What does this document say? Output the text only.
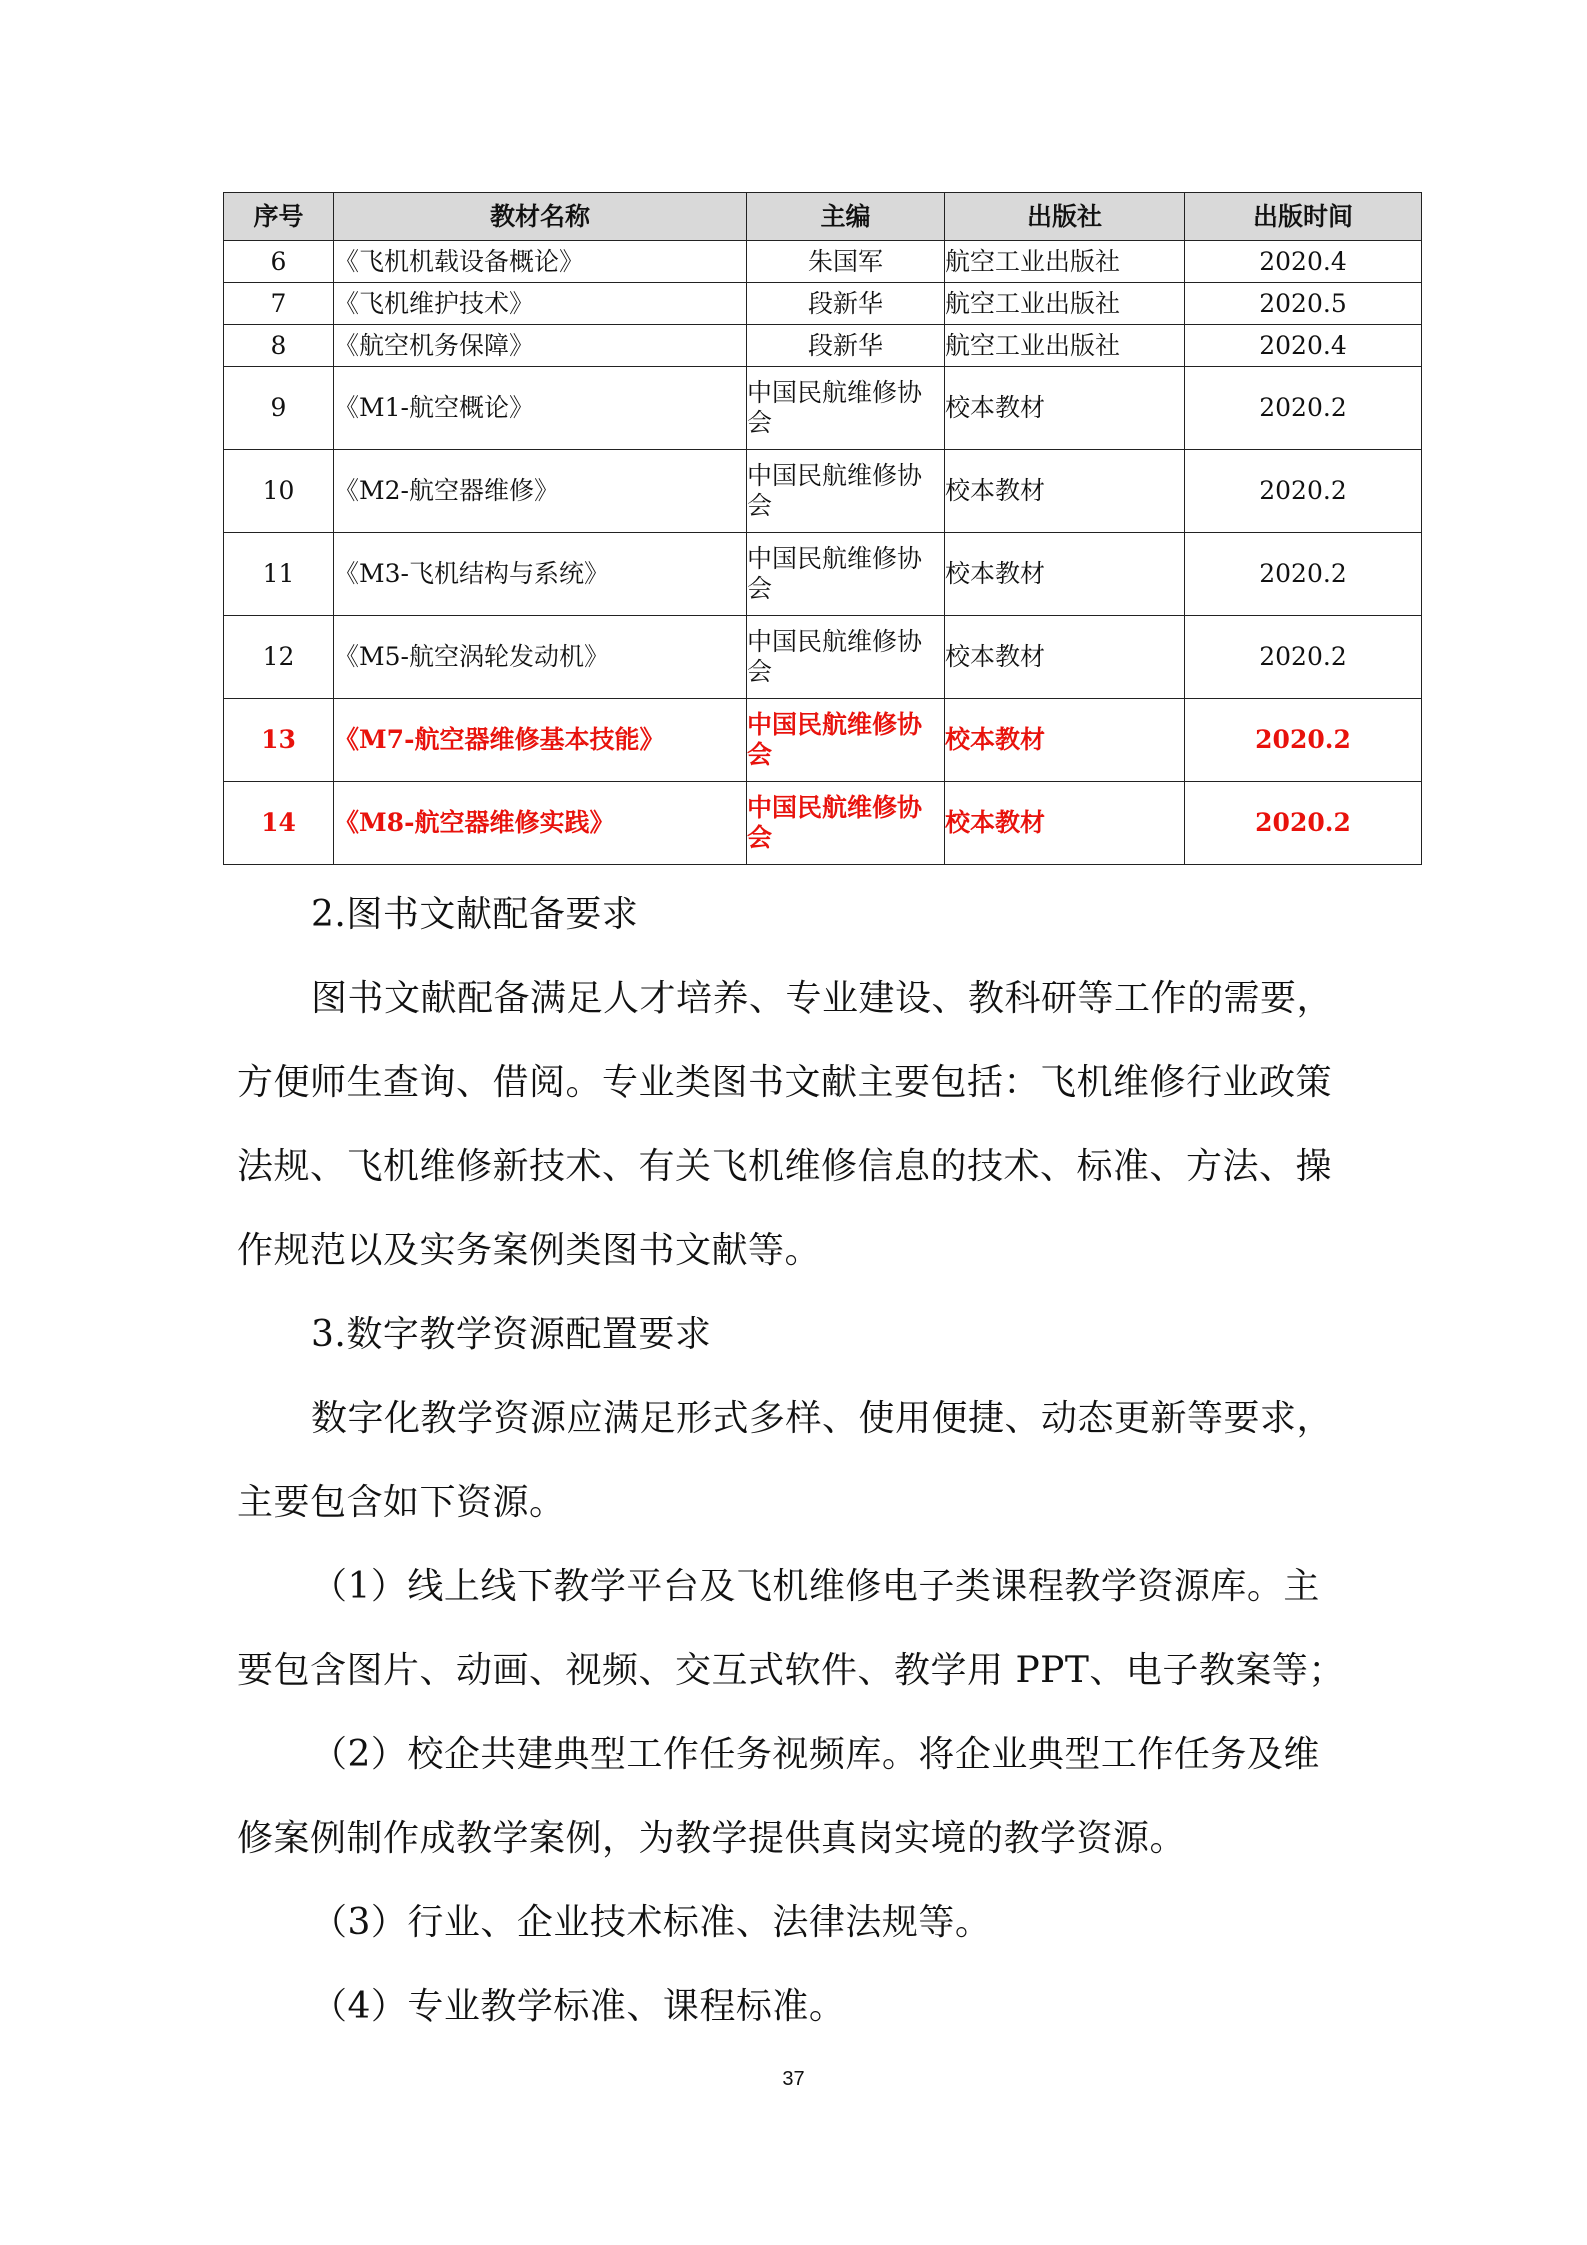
序号	教材名称	主编	出版社	出版时间
6	《飞机机载设备概论》	朱国军	航空工业出版社	2020.4
7	《飞机维护技术》	段新华	航空工业出版社	2020.5
8	《航空机务保障》	段新华	航空工业出版社	2020.4
9	《M1-航空概论》	中国民航维修协会	校本教材	2020.2
10	《M2-航空器维修》	中国民航维修协会	校本教材	2020.2
11	《M3-飞机结构与系统》	中国民航维修协会	校本教材	2020.2
12	《M5-航空涡轮发动机》	中国民航维修协会	校本教材	2020.2
13	《M7-航空器维修基本技能》	中国民航维修协会	校本教材	2020.2
14	《M8-航空器维修实践》	中国民航维修协会	校本教材	2020.2

2.图书文献配备要求

图书文献配备满足人才培养、专业建设、教科研等工作的需要，方便师生查询、借阅。专业类图书文献主要包括：飞机维修行业政策法规、飞机维修新技术、有关飞机维修信息的技术、标准、方法、操作规范以及实务案例类图书文献等。

3.数字教学资源配置要求

数字化教学资源应满足形式多样、使用便捷、动态更新等要求，主要包含如下资源。

（1）线上线下教学平台及飞机维修电子类课程教学资源库。主要包含图片、动画、视频、交互式软件、教学用 PPT、电子教案等；

（2）校企共建典型工作任务视频库。将企业典型工作任务及维修案例制作成教学案例，为教学提供真岗实境的教学资源。

（3）行业、企业技术标准、法律法规等。

（4）专业教学标准、课程标准。

37
